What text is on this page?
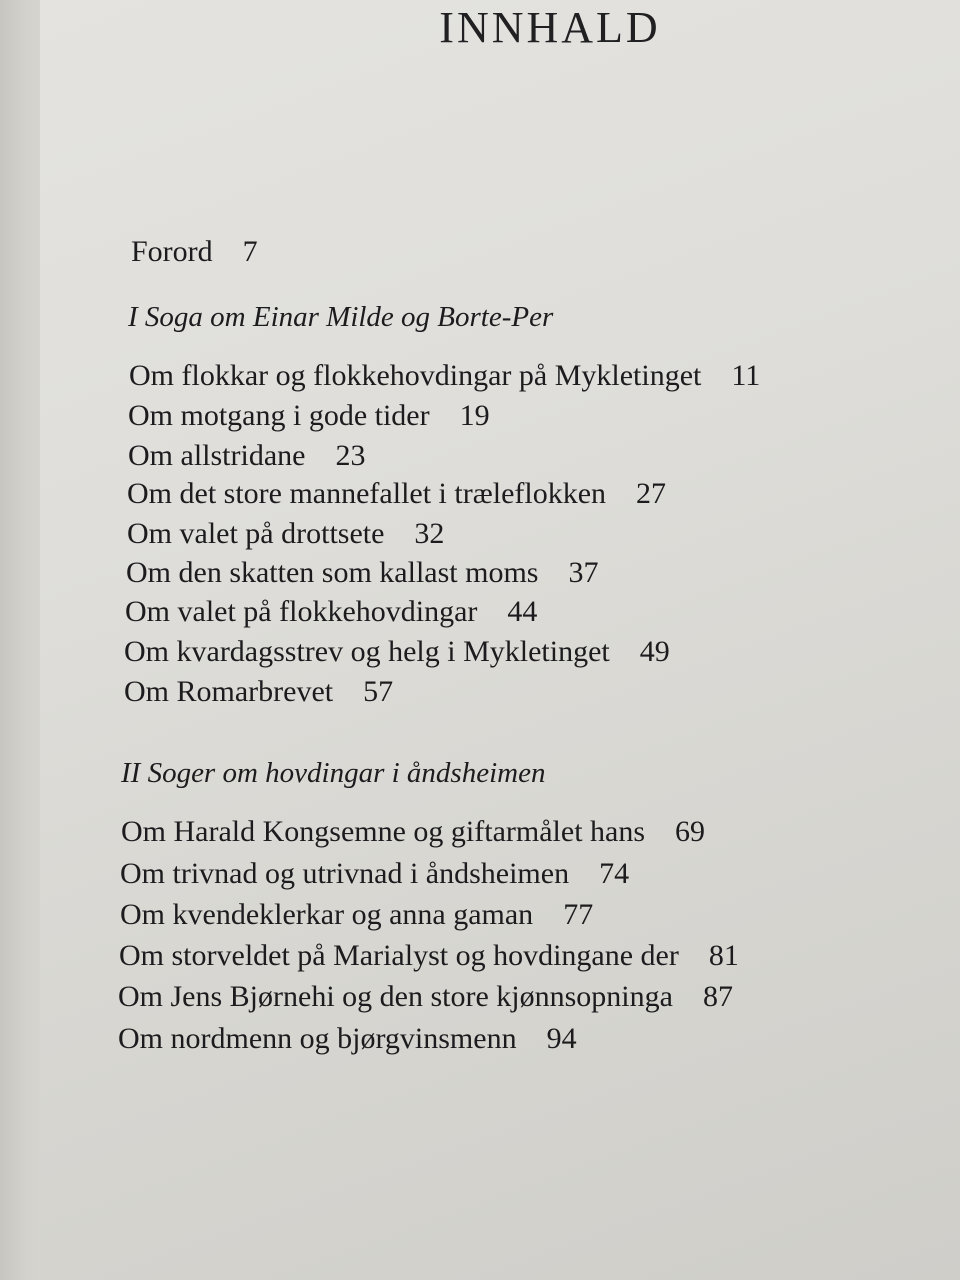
INNHALD
Forord 7
I Soga om Einar Milde og Borte-Per
Om flokkar og flokkehovdingar på Mykletinget 11
Om motgang i gode tider 19
Om allstridane 23
Om det store mannefallet i træleflokken 27
Om valet på drottsete 32
Om den skatten som kallast moms 37
Om valet på flokkehovdingar 44
Om kvardagsstrev og helg i Mykletinget 49
Om Romarbrevet 57
II Soger om hovdingar i åndsheimen
Om Harald Kongsemne og giftarmålet hans 69
Om trivnad og utrivnad i åndsheimen 74
Om kvendeklerkar og anna gaman 77
Om storveldet på Marialyst og hovdingane der 81
Om Jens Bjørnehi og den store kjønnsopninga 87
Om nordmenn og bjørgvinsmenn 94
